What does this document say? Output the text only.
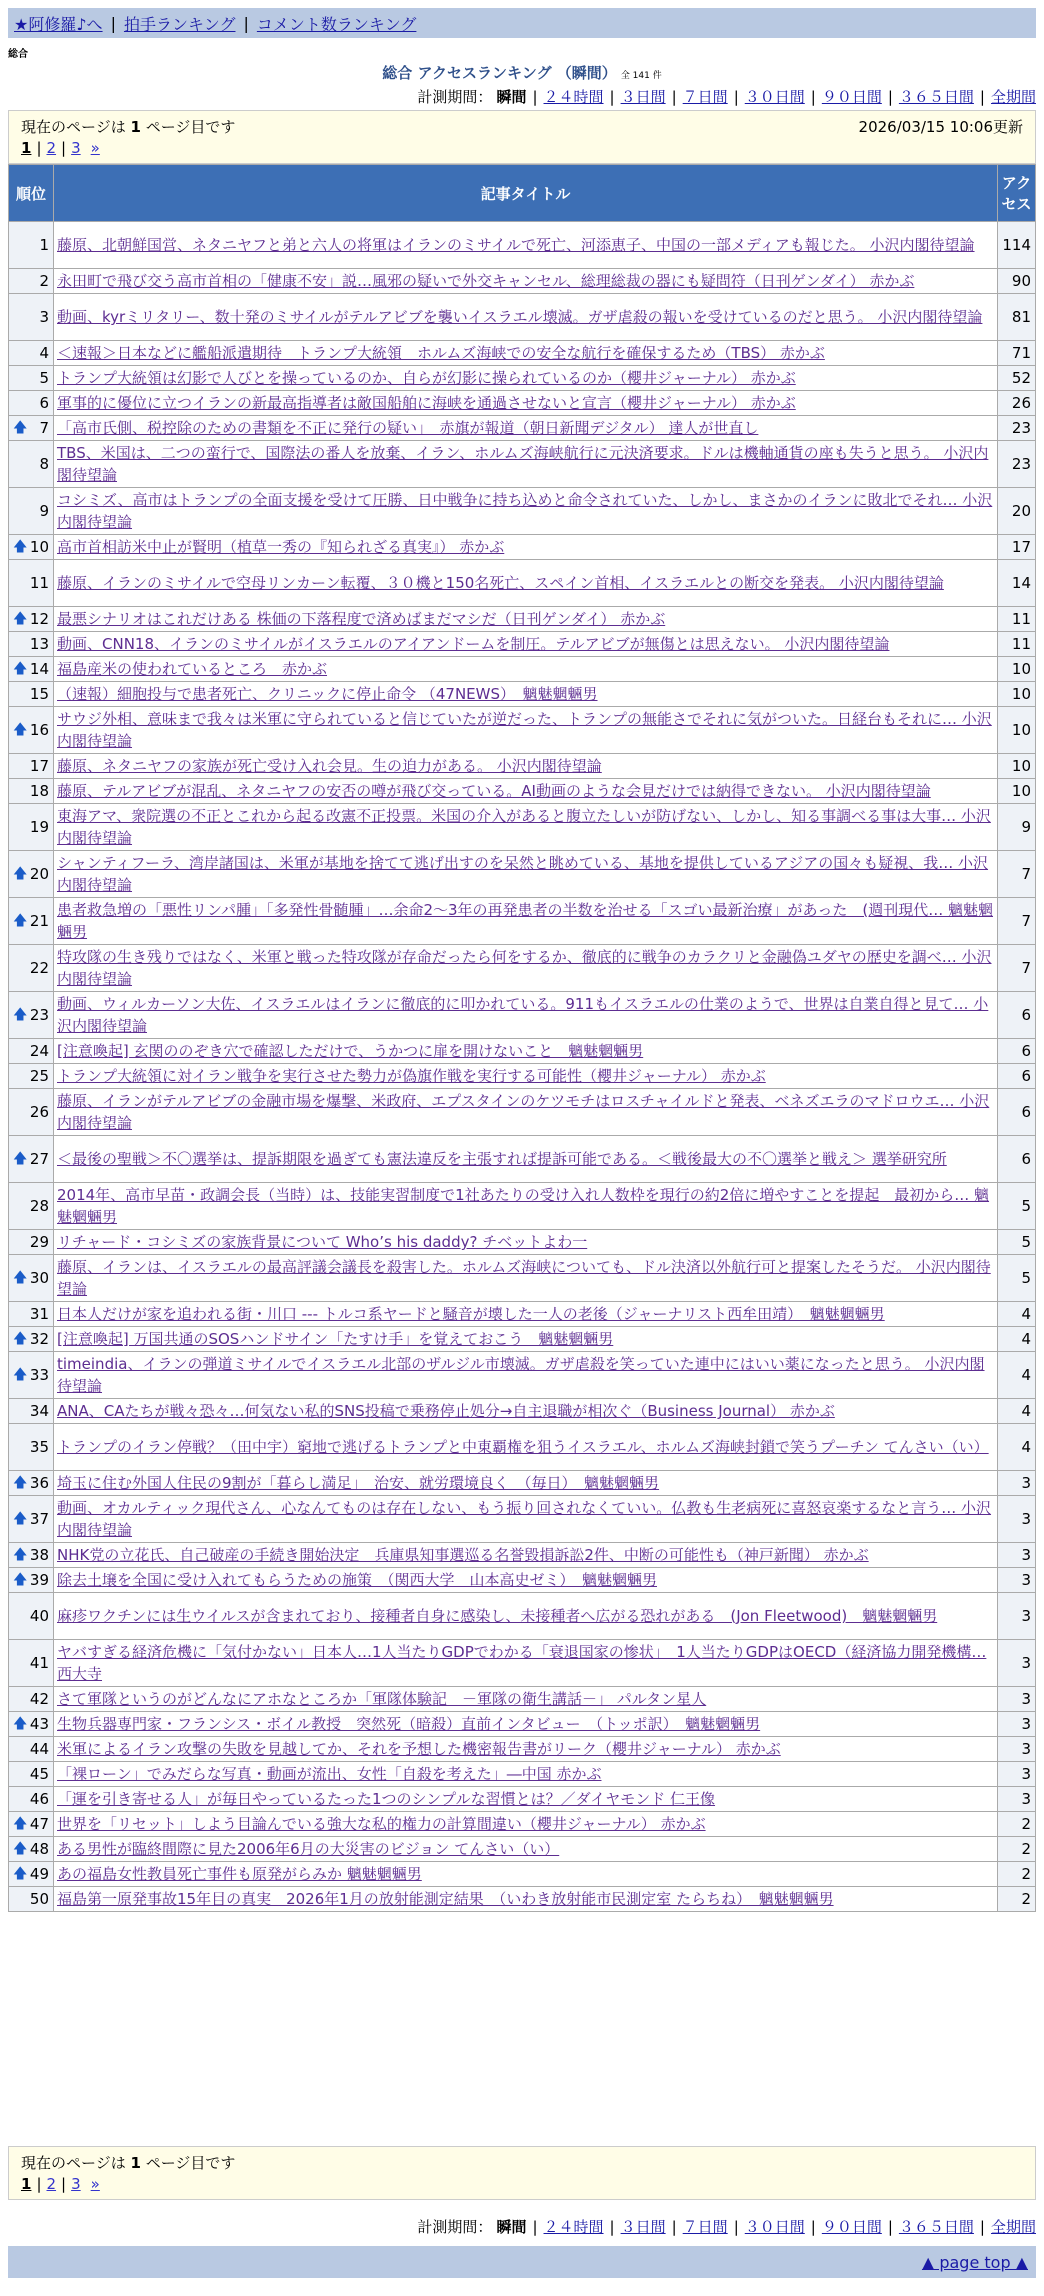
★阿修羅♪へ | 拍手ランキング | コメント数ランキング
総合
総合 アクセスランキング （瞬間） 全 141 件
計測期間： 瞬間 | ２４時間 | ３日間 | ７日間 | ３０日間 | ９０日間 | ３６５日間 | 全期間
現在のページは 1 ページ目です	2026/03/15 10:06更新
1 | 2 | 3 »
順位	記事タイトル	アクセス
1	藤原、北朝鮮国営、ネタニヤフと弟と六人の将軍はイランのミサイルで死亡、河添恵子、中国の一部メディアも報じた。 小沢内閣待望論	114
2	永田町で飛び交う高市首相の「健康不安」説…風邪の疑いで外交キャンセル、総理総裁の器にも疑問符（日刊ゲンダイ） 赤かぶ	90
3	動画、kyrミリタリー、数十発のミサイルがテルアビブを襲いイスラエル壊滅。ガザ虐殺の報いを受けているのだと思う。 小沢内閣待望論	81
4	＜速報＞日本などに艦船派遣期待　トランプ大統領　ホルムズ海峡での安全な航行を確保するため（TBS） 赤かぶ	71
5	トランプ大統領は幻影で人びとを操っているのか、自らが幻影に操られているのか（櫻井ジャーナル） 赤かぶ	52
6	軍事的に優位に立つイランの新最高指導者は敵国船舶に海峡を通過させないと宣言（櫻井ジャーナル） 赤かぶ	26

🡅 7	「高市氏側、税控除のための書類を不正に発行の疑い」　赤旗が報道（朝日新聞デジタル） 達人が世直し	23
8	TBS、米国は、二つの蛮行で、国際法の番人を放棄、イラン、ホルムズ海峡航行に元決済要求。ドルは機軸通貨の座も失うと思う。 小沢内閣待望論	23
9	コシミズ、高市はトランプの全面支援を受けて圧勝、日中戦争に持ち込めと命令されていた、しかし、まさかのイランに敗北でそれ… 小沢内閣待望論	20

🡅 10	高市首相訪米中止が賢明（植草一秀の『知られざる真実』） 赤かぶ	17
11	藤原、イランのミサイルで空母リンカーン転覆、３０機と150名死亡、スペイン首相、イスラエルとの断交を発表。 小沢内閣待望論	14

🡅 12	最悪シナリオはこれだけある 株価の下落程度で済めばまだマシだ（日刊ゲンダイ） 赤かぶ	11
13	動画、CNN18、イランのミサイルがイスラエルのアイアンドームを制圧。テルアビブが無傷とは思えない。 小沢内閣待望論	11

🡅 14	福島産米の使われているところ　赤かぶ	10
15	（速報）細胞投与で患者死亡、クリニックに停止命令 （47NEWS）　魑魅魍魎男	10

🡅 16	サウジ外相、意味まで我々は米軍に守られていると信じていたが逆だった、トランプの無能さでそれに気がついた。日経台もそれに… 小沢内閣待望論	10
17	藤原、ネタニヤフの家族が死亡受け入れ会見。生の迫力がある。 小沢内閣待望論	10
18	藤原、テルアビブが混乱、ネタニヤフの安否の噂が飛び交っている。AI動画のような会見だけでは納得できない。 小沢内閣待望論	10
19	東海アマ、衆院選の不正とこれから起る改憲不正投票。米国の介入があると腹立たしいが防げない、しかし、知る事調べる事は大事… 小沢内閣待望論	9

🡅 20	シャンティフーラ、湾岸諸国は、米軍が基地を捨てて逃げ出すのを呆然と眺めている、基地を提供しているアジアの国々も疑視、我… 小沢内閣待望論	7

🡅 21	患者救急増の「悪性リンパ腫」「多発性骨髄腫」…余命2～3年の再発患者の半数を治せる「スゴい最新治療」があった　(週刊現代… 魑魅魍魎男	7
22	特攻隊の生き残りではなく、米軍と戦った特攻隊が存命だったら何をするか、徹底的に戦争のカラクリと金融偽ユダヤの歴史を調べ… 小沢内閣待望論	7

🡅 23	動画、ウィルカーソン大佐、イスラエルはイランに徹底的に叩かれている。911もイスラエルの仕業のようで、世界は自業自得と見て… 小沢内閣待望論	6
24	[注意喚起] 玄関ののぞき穴で確認しただけで、うかつに扉を開けないこと　魑魅魍魎男	6
25	トランプ大統領に対イラン戦争を実行させた勢力が偽旗作戦を実行する可能性（櫻井ジャーナル） 赤かぶ	6
26	藤原、イランがテルアビブの金融市場を爆撃、米政府、エプスタインのケツモチはロスチャイルドと発表、ベネズエラのマドロウエ… 小沢内閣待望論	6

🡅 27	＜最後の聖戦＞不〇選挙は、提訴期限を過ぎても憲法違反を主張すれば提訴可能である。＜戦後最大の不〇選挙と戦え＞ 選挙研究所	6
28	2014年、高市早苗・政調会長（当時）は、技能実習制度で1社あたりの受け入れ人数枠を現行の約2倍に増やすことを提起　最初から… 魑魅魍魎男	5
29	リチャード・コシミズの家族背景について Who’s his daddy? チベットよわ一	5

🡅 30	藤原、イランは、イスラエルの最高評議会議長を殺害した。ホルムズ海峡についても、ドル決済以外航行可と提案したそうだ。 小沢内閣待望論	5
31	日本人だけが家を追われる街・川口 --- トルコ系ヤードと騒音が壊した一人の老後（ジャーナリスト西牟田靖）　魑魅魍魎男	4

🡅 32	[注意喚起] 万国共通のSOSハンドサイン「たすけ手」を覚えておこう　魑魅魍魎男	4

🡅 33	timeindia、イランの弾道ミサイルでイスラエル北部のザルジル市壊滅。ガザ虐殺を笑っていた連中にはいい薬になったと思う。 小沢内閣待望論	4
34	ANA、CAたちが戦々恐々…何気ない私的SNS投稿で乗務停止処分→自主退職が相次ぐ（Business Journal） 赤かぶ	4
35	トランプのイラン停戦？（田中宇）窮地で逃げるトランプと中東覇権を狙うイスラエル、ホルムズ海峡封鎖で笑うプーチン てんさい（い）	4

🡅 36	埼玉に住む外国人住民の9割が「暮らし満足」　治安、就労環境良く　（毎日）　魑魅魍魎男	3

🡅 37	動画、オカルティック現代さん、心なんてものは存在しない、もう振り回されなくていい。仏教も生老病死に喜怒哀楽するなと言う… 小沢内閣待望論	3

🡅 38	NHK党の立花氏、自己破産の手続き開始決定　兵庫県知事選巡る名誉毀損訴訟2件、中断の可能性も（神戸新聞） 赤かぶ	3

🡅 39	除去土壌を全国に受け入れてもらうための施策　（関西大学　山本高史ゼミ）　魑魅魍魎男	3
40	麻疹ワクチンには生ウイルスが含まれており、接種者自身に感染し、未接種者へ広がる恐れがある　(Jon Fleetwood)　魑魅魍魎男	3
41	ヤバすぎる経済危機に「気付かない」日本人…1人当たりGDPでわかる「衰退国家の惨状」　1人当たりGDPはOECD（経済協力開発機構… 西大寺	3
42	さて軍隊というのがどんなにアホなところか「軍隊体験記　－軍隊の衛生講話－」 パルタン星人	3

🡅 43	生物兵器専門家・フランシス・ボイル教授　突然死（暗殺）直前インタビュー　（トッポ訳）　魑魅魍魎男	3
44	米軍によるイラン攻撃の失敗を見越してか、それを予想した機密報告書がリーク（櫻井ジャーナル） 赤かぶ	3
45	「裸ローン」でみだらな写真・動画が流出、女性「自殺を考えた」―中国 赤かぶ	3
46	「運を引き寄せる人」が毎日やっているたった1つのシンプルな習慣とは？／ダイヤモンド 仁王像	3

🡅 47	世界を「リセット」しよう目論んでいる強大な私的権力の計算間違い（櫻井ジャーナル） 赤かぶ	2

🡅 48	ある男性が臨終間際に見た2006年6月の大災害のビジョン てんさい（い）	2

🡅 49	あの福島女性教員死亡事件も原発がらみか 魑魅魍魎男	2
50	福島第一原発事故15年目の真実　2026年1月の放射能測定結果　（いわき放射能市民測定室 たらちね）　魑魅魍魎男	2
現在のページは 1 ページ目です
1 | 2 | 3 »
計測期間： 瞬間 | ２４時間 | ３日間 | ７日間 | ３０日間 | ９０日間 | ３６５日間 | 全期間
▲ page top ▲
